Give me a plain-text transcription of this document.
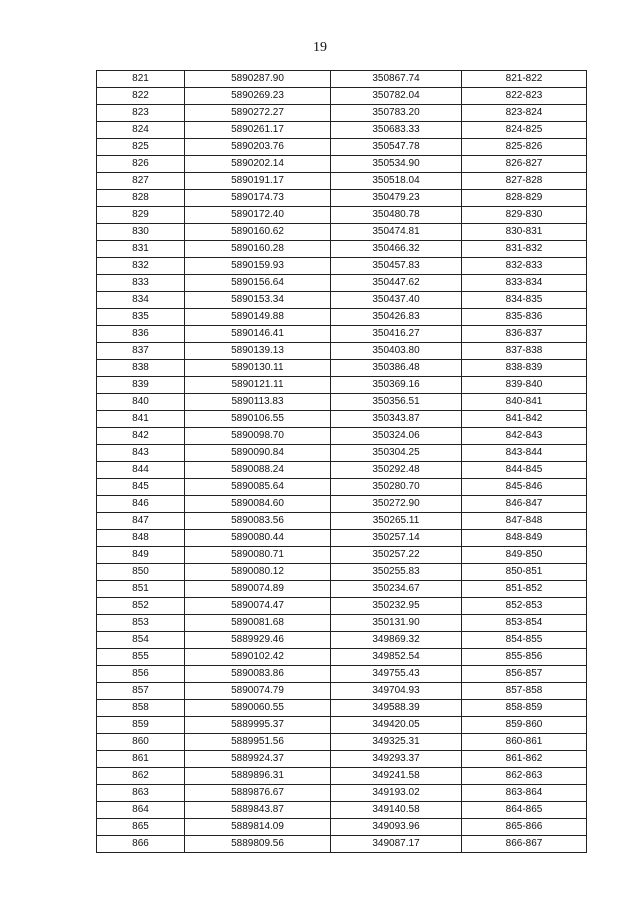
19
821	5890287.90	350867.74	821-822
822	5890269.23	350782.04	822-823
823	5890272.27	350783.20	823-824
824	5890261.17	350683.33	824-825
825	5890203.76	350547.78	825-826
826	5890202.14	350534.90	826-827
827	5890191.17	350518.04	827-828
828	5890174.73	350479.23	828-829
829	5890172.40	350480.78	829-830
830	5890160.62	350474.81	830-831
831	5890160.28	350466.32	831-832
832	5890159.93	350457.83	832-833
833	5890156.64	350447.62	833-834
834	5890153.34	350437.40	834-835
835	5890149.88	350426.83	835-836
836	5890146.41	350416.27	836-837
837	5890139.13	350403.80	837-838
838	5890130.11	350386.48	838-839
839	5890121.11	350369.16	839-840
840	5890113.83	350356.51	840-841
841	5890106.55	350343.87	841-842
842	5890098.70	350324.06	842-843
843	5890090.84	350304.25	843-844
844	5890088.24	350292.48	844-845
845	5890085.64	350280.70	845-846
846	5890084.60	350272.90	846-847
847	5890083.56	350265.11	847-848
848	5890080.44	350257.14	848-849
849	5890080.71	350257.22	849-850
850	5890080.12	350255.83	850-851
851	5890074.89	350234.67	851-852
852	5890074.47	350232.95	852-853
853	5890081.68	350131.90	853-854
854	5889929.46	349869.32	854-855
855	5890102.42	349852.54	855-856
856	5890083.86	349755.43	856-857
857	5890074.79	349704.93	857-858
858	5890060.55	349588.39	858-859
859	5889995.37	349420.05	859-860
860	5889951.56	349325.31	860-861
861	5889924.37	349293.37	861-862
862	5889896.31	349241.58	862-863
863	5889876.67	349193.02	863-864
864	5889843.87	349140.58	864-865
865	5889814.09	349093.96	865-866
866	5889809.56	349087.17	866-867
